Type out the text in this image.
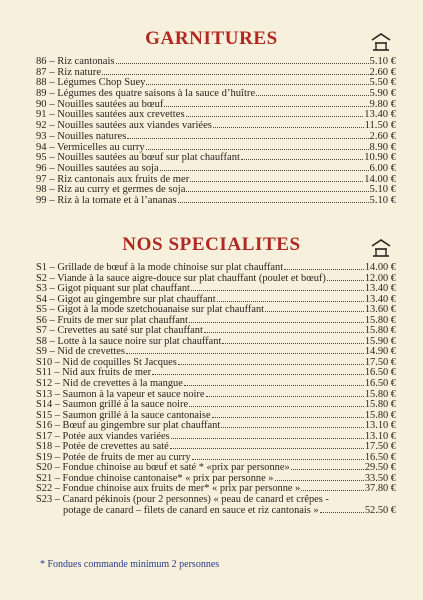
GARNITURES
86 – Riz cantonais	5.10 €
87 – Riz nature	2.60 €
88 – Légumes Chop Suey	5.50 €
89 – Légumes des quatre saisons à la sauce d’huître	5.90 €
90 – Nouilles sautées au bœuf	9.80 €
91 – Nouilles sautées aux crevettes	13.40 €
92 – Nouilles sautées aux viandes variées	11.50 €
93 – Nouilles natures	2.60 €
94 – Vermicelles au curry	8.90 €
95 – Nouilles sautées au bœuf sur plat chauffant	10.90 €
96 – Nouilles sautées au soja	6.00 €
97 – Riz cantonais aux fruits de mer	14.00 €
98 – Riz au curry et germes de soja	5.10 €
99 – Riz à la tomate et à l’ananas	5.10 €
NOS SPECIALITES
S1 – Grillade de bœuf à la mode chinoise sur plat chauffant	14.00 €
S2 – Viande à la sauce aigre-douce sur plat chauffant (poulet et bœuf)	12.00 €
S3 – Gigot piquant sur plat chauffant	13.40 €
S4 – Gigot au gingembre sur plat chauffant	13.40 €
S5 – Gigot à la mode szetchouanaise sur plat chauffant	13.60 €
S6 – Fruits de mer sur plat chauffant	15.80 €
S7 – Crevettes au saté sur plat chauffant	15.80 €
S8 – Lotte à la sauce noire sur plat chauffant	15.90 €
S9 – Nid de crevettes	14.90 €
S10 – Nid de coquilles St Jacques	17.50 €
S11 – Nid aux fruits de mer	16.50 €
S12 – Nid de crevettes à la mangue	16.50 €
S13 – Saumon à la vapeur et sauce noire	15.80 €
S14 – Saumon grillé à la sauce noire	15.80 €
S15 – Saumon grillé à la sauce cantonaise	15.80 €
S16 – Bœuf au gingembre sur plat chauffant	13.10 €
S17 – Potée aux viandes variées	13.10 €
S18 – Potée de crevettes au saté	17.50 €
S19 – Potée de fruits de mer au curry	16.50 €
S20 – Fondue chinoise au bœuf et saté * «prix par personne»	29.50 €
S21 – Fondue chinoise cantonaise* « prix par personne »	33.50 €
S22 – Fondue chinoise aux fruits de mer* « prix par personne »	37.80 €
S23 – Canard pékinois (pour 2 personnes) « peau de canard et crêpes -
potage de canard – filets de canard en sauce et riz cantonais »	52.50 €
* Fondues commande minimum 2 personnes
